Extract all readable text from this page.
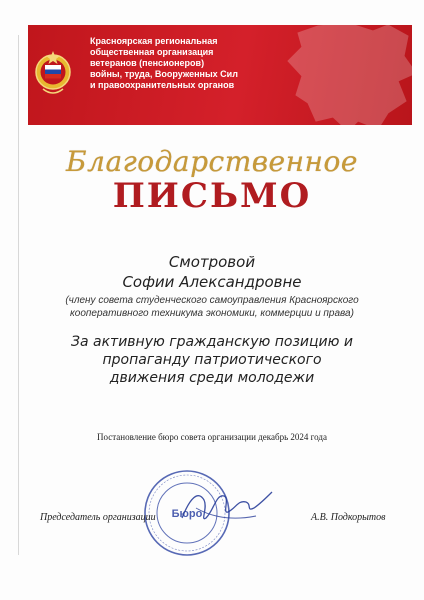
Красноярская региональная
общественная организация
ветеранов (пенсионеров)
войны, труда, Вооруженных Сил
и правоохранительных органов
Благодарственное
ПИСЬМО
Смотровой
Софии Александровне
(члену совета студенческого самоуправления Красноярского
кооперативного техникума экономики, коммерции и права)
За активную гражданскую позицию и
пропаганду патриотического
движения среди молодежи
Постановление бюро совета организации декабрь 2024 года
Бюро
Председатель организации	А.В. Подкорытов
